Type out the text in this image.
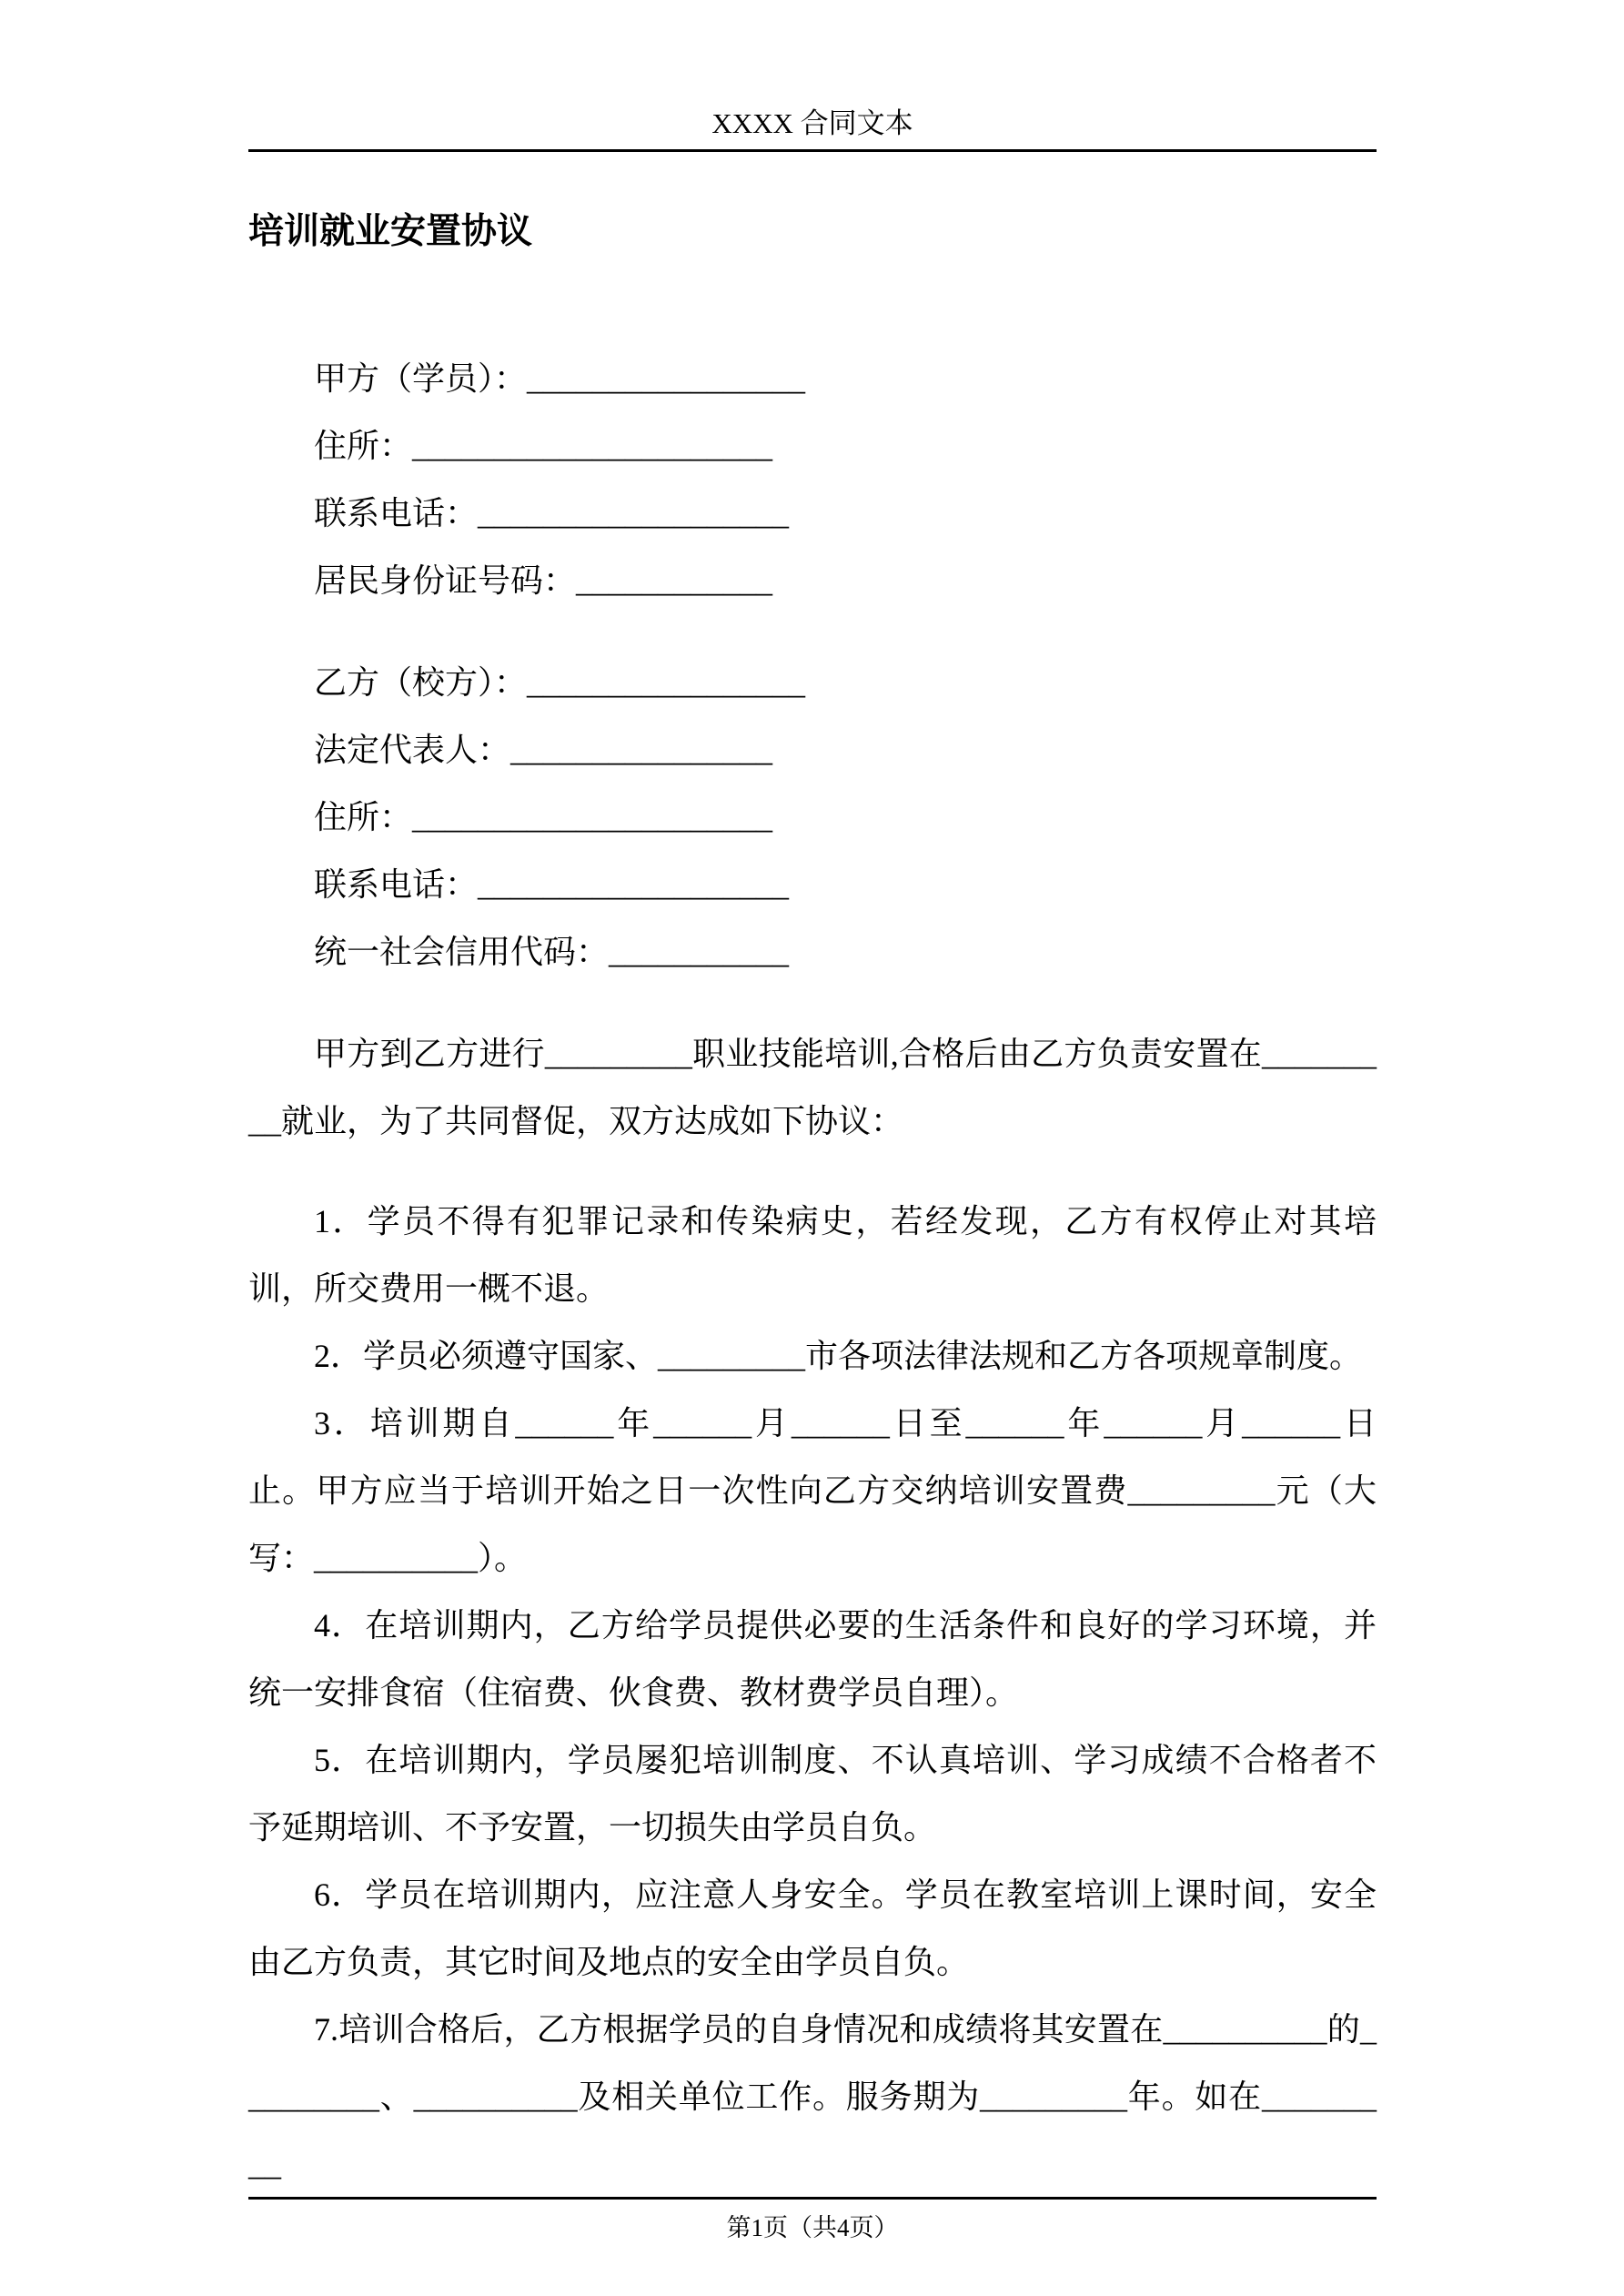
XXXX 合同文本
培训就业安置协议
甲方（学员）：_________________
住所：______________________
联系电话：___________________
居民身份证号码：____________
乙方（校方）：_________________
法定代表人：________________
住所：______________________
联系电话：___________________
统一社会信用代码：___________

甲方到乙方进行_________职业技能培训,合格后由乙方负责安置在_________就业，为了共同督促，双方达成如下协议：

1．学员不得有犯罪记录和传染病史，若经发现，乙方有权停止对其培训，所交费用一概不退。

2．学员必须遵守国家、_________市各项法律法规和乙方各项规章制度。

3．培训期自______年______月______日至______年______月______日止。甲方应当于培训开始之日一次性向乙方交纳培训安置费_________元（大写：__________）。

4．在培训期内，乙方给学员提供必要的生活条件和良好的学习环境，并统一安排食宿（住宿费、伙食费、教材费学员自理）。

5．在培训期内，学员屡犯培训制度、不认真培训、学习成绩不合格者不予延期培训、不予安置，一切损失由学员自负。

6．学员在培训期内，应注意人身安全。学员在教室培训上课时间，安全由乙方负责，其它时间及地点的安全由学员自负。

7.培训合格后，乙方根据学员的自身情况和成绩将其安置在__________的_________、__________及相关单位工作。服务期为_________年。如在_________

第1页（共4页）
